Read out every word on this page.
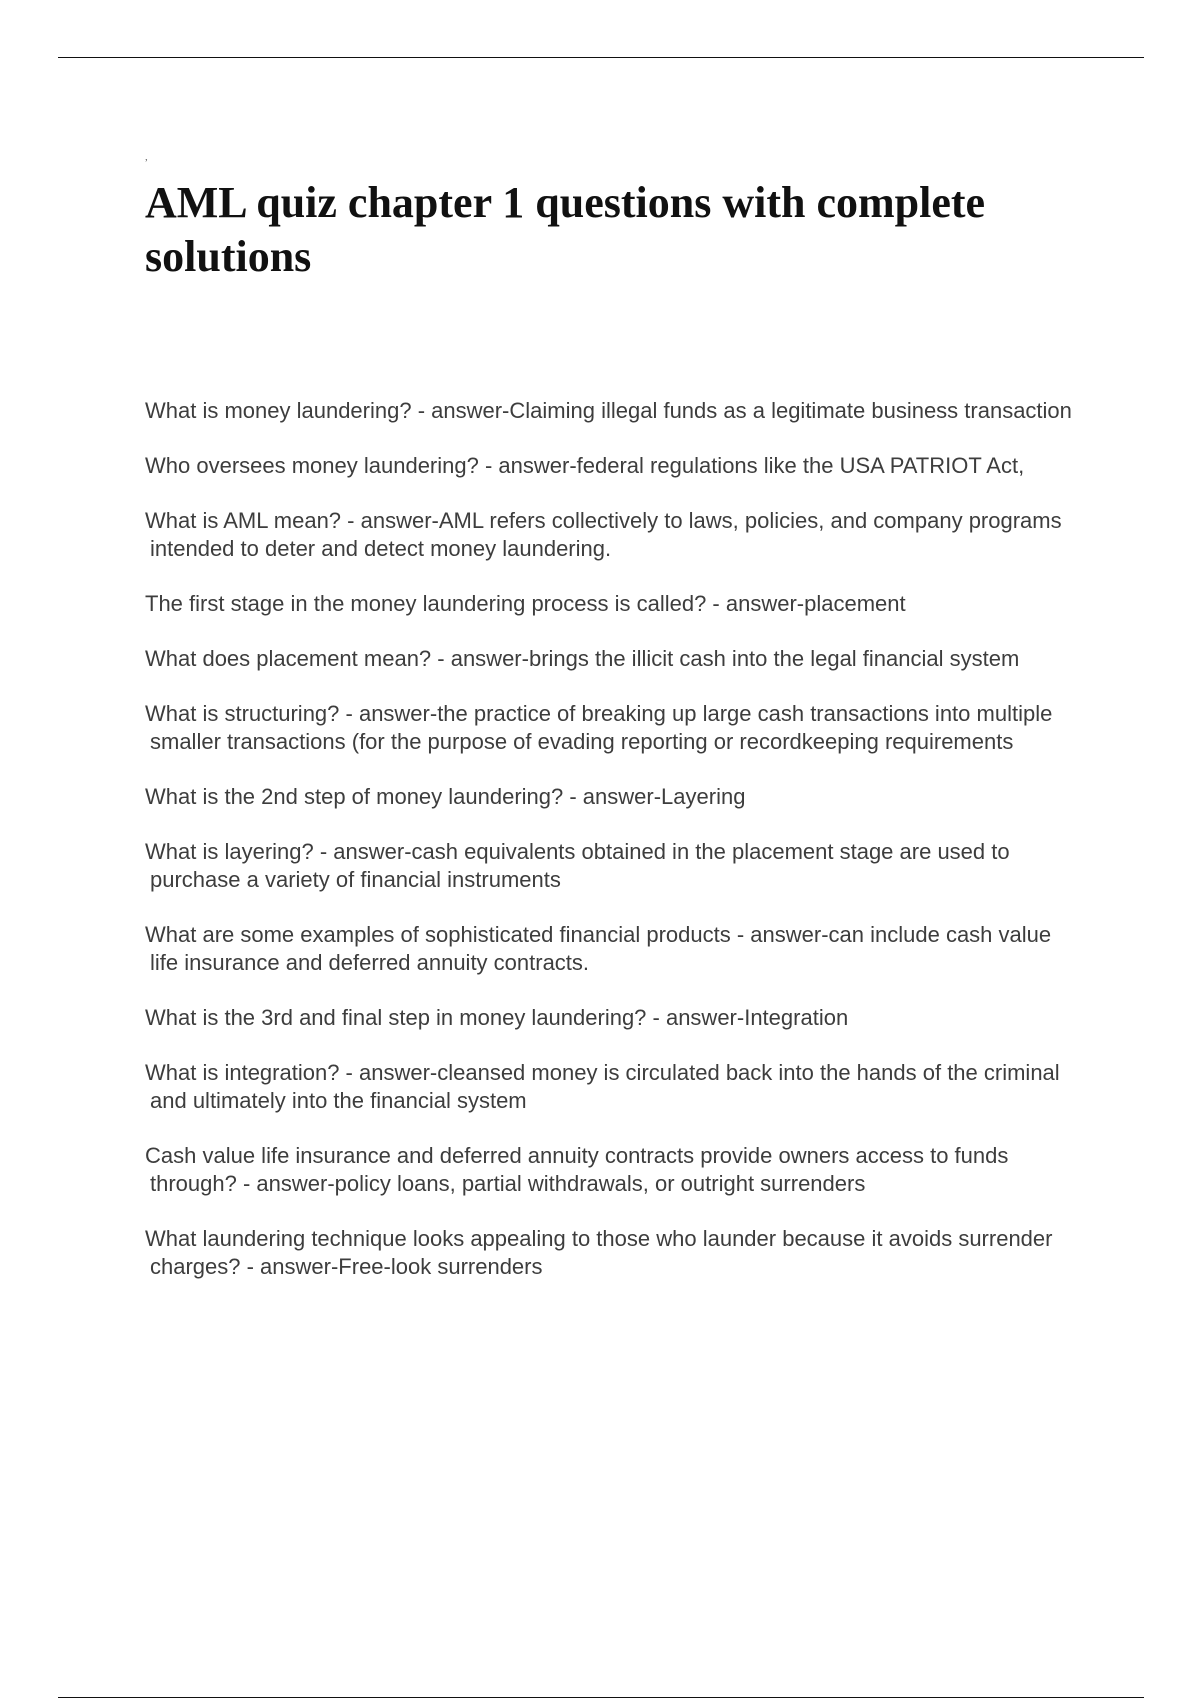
,
AML quiz chapter 1 questions with complete solutions
What is money laundering? - answer-Claiming illegal funds as a legitimate business transaction
Who oversees money laundering? - answer-federal regulations like the USA PATRIOT Act,
What is AML mean? - answer-AML refers collectively to laws, policies, and company programs intended to deter and detect money laundering.
The first stage in the money laundering process is called? - answer-placement
What does placement mean? - answer-brings the illicit cash into the legal financial system
What is structuring? - answer-the practice of breaking up large cash transactions into multiple smaller transactions (for the purpose of evading reporting or recordkeeping requirements
What is the 2nd step of money laundering? - answer-Layering
What is layering? - answer-cash equivalents obtained in the placement stage are used to purchase a variety of financial instruments
What are some examples of sophisticated financial products - answer-can include cash value life insurance and deferred annuity contracts.
What is the 3rd and final step in money laundering? - answer-Integration
What is integration? - answer-cleansed money is circulated back into the hands of the criminal and ultimately into the financial system
Cash value life insurance and deferred annuity contracts provide owners access to funds through? - answer-policy loans, partial withdrawals, or outright surrenders
What laundering technique looks appealing to those who launder because it avoids surrender charges? - answer-Free-look surrenders
